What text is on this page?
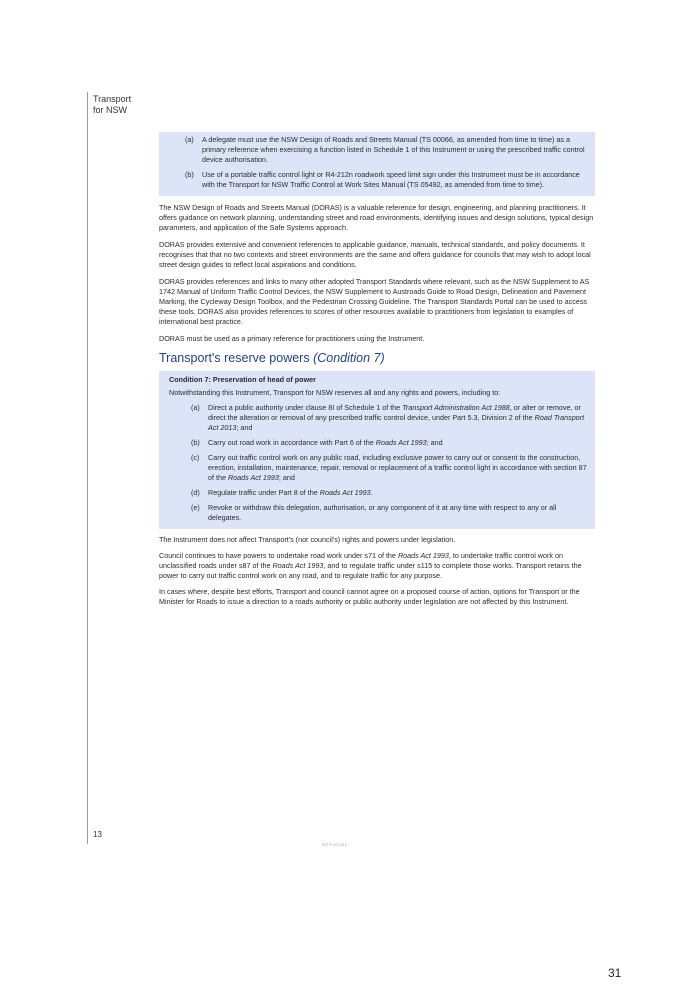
Transport
for NSW
(a) A delegate must use the NSW Design of Roads and Streets Manual (TS 00066, as amended from time to time) as a primary reference when exercising a function listed in Schedule 1 of this Instrument or using the prescribed traffic control device authorisation.
(b) Use of a portable traffic control light or R4-212n roadwork speed limit sign under this Instrument must be in accordance with the Transport for NSW Traffic Control at Work Sites Manual (TS 05492, as amended from time to time).

The NSW Design of Roads and Streets Manual (DORAS) is a valuable reference for design, engineering, and planning practitioners. It offers guidance on network planning, understanding street and road environments, identifying issues and design solutions, typical design parameters, and application of the Safe Systems approach.

DORAS provides extensive and convenient references to applicable guidance, manuals, technical standards, and policy documents. It recognises that that no two contexts and street environments are the same and offers guidance for councils that may wish to adopt local street design guides to reflect local aspirations and conditions.

DORAS provides references and links to many other adopted Transport Standards where relevant, such as the NSW Supplement to AS 1742 Manual of Uniform Traffic Control Devices, the NSW Supplement to Austroads Guide to Road Design, Delineation and Pavement Marking, the Cycleway Design Toolbox, and the Pedestrian Crossing Guideline. The Transport Standards Portal can be used to access these tools. DORAS also provides references to scores of other resources available to practitioners from legislation to examples of international best practice.

DORAS must be used as a primary reference for practitioners using the Instrument.

Transport's reserve powers (Condition 7)
Condition 7: Preservation of head of power
Notwithstanding this Instrument, Transport for NSW reserves all and any rights and powers, including to:
(a) Direct a public authority under clause 8I of Schedule 1 of the Transport Administration Act 1988, or alter or remove, or direct the alteration or removal of any prescribed traffic control device, under Part 5.3, Division 2 of the Road Transport Act 2013; and
(b) Carry out road work in accordance with Part 6 of the Roads Act 1993; and
(c) Carry out traffic control work on any public road, including exclusive power to carry out or consent to the construction, erection, installation, maintenance, repair, removal or replacement of a traffic control light in accordance with section 87 of the Roads Act 1993; and
(d) Regulate traffic under Part 8 of the Roads Act 1993.
(e) Revoke or withdraw this delegation, authorisation, or any component of it at any time with respect to any or all delegates.

The Instrument does not affect Transport's (nor council's) rights and powers under legislation.

Council continues to have powers to undertake road work under s71 of the Roads Act 1993, to undertake traffic control work on unclassified roads under s87 of the Roads Act 1993, and to regulate traffic under s115 to complete those works. Transport retains the power to carry out traffic control work on any road, and to regulate traffic for any purpose.

In cases where, despite best efforts, Transport and council cannot agree on a proposed course of action, options for Transport or the Minister for Roads to issue a direction to a roads authority or public authority under legislation are not affected by this Instrument.

13
OFFICIAL
31
